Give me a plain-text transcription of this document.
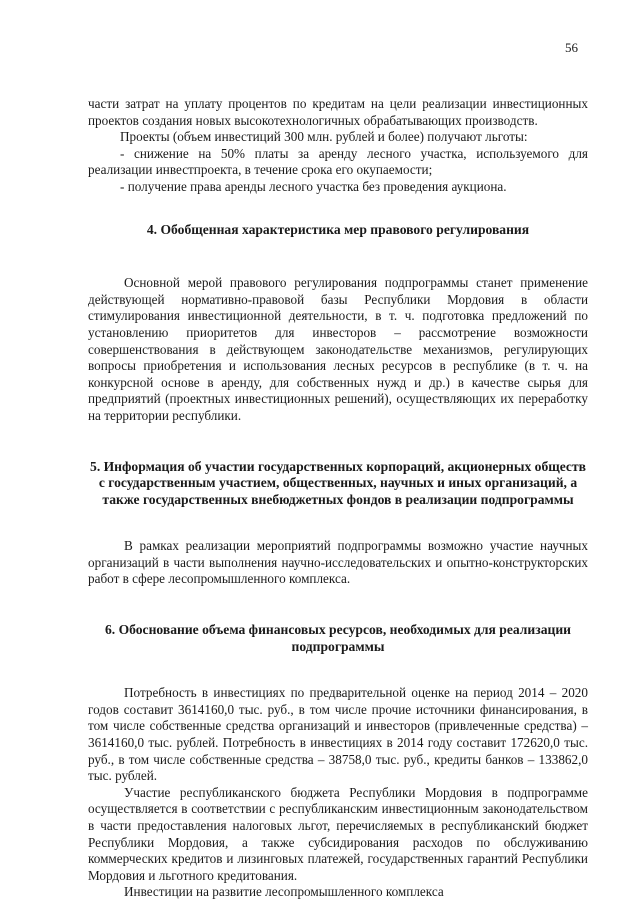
56

части затрат на уплату процентов по кредитам на цели реализации инвестиционных проектов создания новых высокотехнологичных обрабатывающих производств.

Проекты (объем инвестиций 300 млн. рублей и более) получают льготы:

- снижение на 50% платы за аренду лесного участка, используемого для реализации инвестпроекта, в течение срока его окупаемости;

- получение права аренды лесного участка без проведения аукциона.

4. Обобщенная характеристика мер правового регулирования

Основной мерой правового регулирования подпрограммы станет применение действующей нормативно-правовой базы Республики Мордовия в области стимулирования инвестиционной деятельности, в т. ч. подготовка предложений по установлению приоритетов для инвесторов – рассмотрение возможности совершенствования в действующем законодательстве механизмов, регулирующих вопросы приобретения и использования лесных ресурсов в республике (в т. ч. на конкурсной основе в аренду, для собственных нужд и др.) в качестве сырья для предприятий (проектных инвестиционных решений), осуществляющих их переработку на территории республики.

5. Информация об участии государственных корпораций, акционерных обществ с государственным участием, общественных, научных и иных организаций, а также государственных внебюджетных фондов в реализации подпрограммы

В рамках реализации мероприятий подпрограммы возможно участие научных организаций в части выполнения научно-исследовательских и опытно-конструкторских работ в сфере лесопромышленного комплекса.

6. Обоснование объема финансовых ресурсов, необходимых для реализации подпрограммы

Потребность в инвестициях по предварительной оценке на период 2014 – 2020 годов составит 3614160,0 тыс. руб., в том числе прочие источники финансирования, в том числе собственные средства организаций и инвесторов (привлеченные средства) – 3614160,0 тыс. рублей. Потребность в инвестициях в 2014 году составит 172620,0 тыс. руб., в том числе собственные средства – 38758,0 тыс. руб., кредиты банков – 133862,0 тыс. рублей.

Участие республиканского бюджета Республики Мордовия в подпрограмме осуществляется в соответствии с республиканским инвестиционным законодательством в части предоставления налоговых льгот, перечисляемых в республиканский бюджет Республики Мордовия, а также субсидирования расходов по обслуживанию коммерческих кредитов и лизинговых платежей, государственных гарантий Республики Мордовия и льготного кредитования.

Инвестиции на развитие лесопромышленного комплекса
